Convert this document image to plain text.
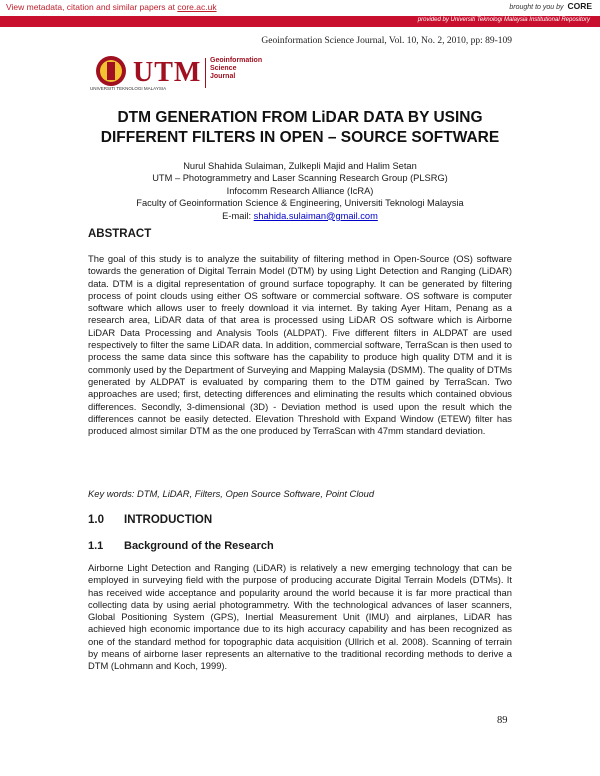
View metadata, citation and similar papers at core.ac.uk	brought to you by CORE
provided by Universiti Teknologi Malaysia Institutional Repository
Geoinformation Science Journal, Vol. 10, No. 2, 2010, pp: 89-109
UTM
UNIVERSITI TEKNOLOGI MALAYSIA
Geoinformation
Science
Journal
DTM GENERATION FROM LiDAR DATA BY USING
DIFFERENT FILTERS IN OPEN – SOURCE SOFTWARE
Nurul Shahida Sulaiman, Zulkepli Majid and Halim Setan
UTM – Photogrammetry and Laser Scanning Research Group (PLSRG)
Infocomm Research Alliance (IcRA)
Faculty of Geoinformation Science & Engineering, Universiti Teknologi Malaysia
E-mail: shahida.sulaiman@gmail.com
ABSTRACT
The goal of this study is to analyze the suitability of filtering method in Open-Source (OS) software towards the generation of Digital Terrain Model (DTM) by using Light Detection and Ranging (LiDAR) data. DTM is a digital representation of ground surface topography. It can be generated by filtering process of point clouds using either OS software or commercial software. OS software is computer software which allows user to freely download it via internet. By taking Ayer Hitam, Penang as a research area, LiDAR data of that area is processed using LiDAR OS software which is Airborne LiDAR Data Processing and Analysis Tools (ALDPAT). Five different filters in ALDPAT are used respectively to filter the same LiDAR data. In addition, commercial software, TerraScan is then used to process the same data since this software has the capability to produce high quality DTM and it is commonly used by the Department of Surveying and Mapping Malaysia (DSMM). The quality of DTMs generated by ALDPAT is evaluated by comparing them to the DTM gained by TerraScan. Two approaches are used; first, detecting differences and eliminating the results which contained obvious differences. Secondly, 3-dimensional (3D) - Deviation method is used upon the result which the differences cannot be easily detected. Elevation Threshold with Expand Window (ETEW) filter has produced almost similar DTM as the one produced by TerraScan with 47mm standard deviation.
Key words: DTM, LiDAR, Filters, Open Source Software, Point Cloud
1.0 INTRODUCTION
1.1 Background of the Research
Airborne Light Detection and Ranging (LiDAR) is relatively a new emerging technology that can be employed in surveying field with the purpose of producing accurate Digital Terrain Models (DTMs). It has received wide acceptance and popularity around the world because it is far more practical than collecting data by using aerial photogrammetry. With the technological advances of laser scanners, Global Positioning System (GPS), Inertial Measurement Unit (IMU) and airplanes, LiDAR has achieved high economic importance due to its high accuracy capability and has been recognized as one of the standard method for topographic data acquisition (Ullrich et al. 2008). Scanning of terrain by means of airborne laser represents an alternative to the traditional recording methods to derive a DTM (Lohmann and Koch, 1999).
89
